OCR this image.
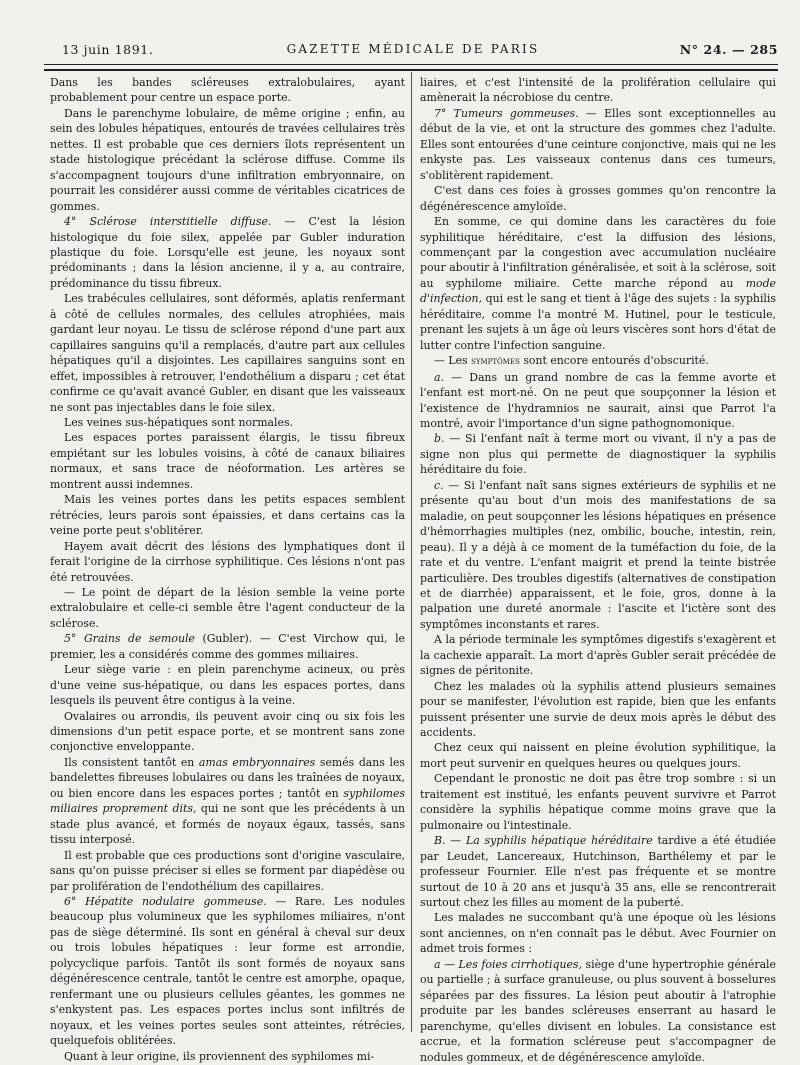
13 juin 1891.	GAZETTE MÉDICALE DE PARIS	N° 24. — 285

Dans les bandes scléreuses extralobulaires, ayant probablement pour centre un espace porte.

Dans le parenchyme lobulaire, de même origine ; enfin, au sein des lobules hépatiques, entourés de travées cellulaires très nettes. Il est probable que ces derniers îlots représentent un stade histologique précédant la sclérose diffuse. Comme ils s'accompagnent toujours d'une infiltration embryonnaire, on pourrait les considérer aussi comme de véritables cicatrices de gommes.

4° Sclérose interstitielle diffuse. — C'est la lésion histologique du foie silex, appelée par Gubler induration plastique du foie. Lorsqu'elle est jeune, les noyaux sont prédominants ; dans la lésion ancienne, il y a, au contraire, prédominance du tissu fibreux.

Les trabécules cellulaires, sont déformés, aplatis renfermant à côté de cellules normales, des cellules atrophiées, mais gardant leur noyau. Le tissu de sclérose répond d'une part aux capillaires sanguins qu'il a remplacés, d'autre part aux cellules hépatiques qu'il a disjointes. Les capillaires sanguins sont en effet, impossibles à retrouver, l'endothélium a disparu ; cet état confirme ce qu'avait avancé Gubler, en disant que les vaisseaux ne sont pas injectables dans le foie silex.

Les veines sus-hépatiques sont normales.

Les espaces portes paraissent élargis, le tissu fibreux empiétant sur les lobules voisins, à côté de canaux biliaires normaux, et sans trace de néoformation. Les artères se montrent aussi indemnes.

Mais les veines portes dans les petits espaces semblent rétrécies, leurs parois sont épaissies, et dans certains cas la veine porte peut s'oblitérer.

Hayem avait décrit des lésions des lymphatiques dont il ferait l'origine de la cirrhose syphilitique. Ces lésions n'ont pas été retrouvées.

— Le point de départ de la lésion semble la veine porte extralobulaire et celle-ci semble être l'agent conducteur de la sclérose.

5° Grains de semoule (Gubler). — C'est Virchow qui, le premier, les a considérés comme des gommes miliaires.

Leur siège varie : en plein parenchyme acineux, ou près d'une veine sus-hépatique, ou dans les espaces portes, dans lesquels ils peuvent être contigus à la veine.

Ovalaires ou arrondis, ils peuvent avoir cinq ou six fois les dimensions d'un petit espace porte, et se montrent sans zone conjonctive enveloppante.

Ils consistent tantôt en amas embryonnaires semés dans les bandelettes fibreuses lobulaires ou dans les traînées de noyaux, ou bien encore dans les espaces portes ; tantôt en syphilomes miliaires proprement dits, qui ne sont que les précédents à un stade plus avancé, et formés de noyaux égaux, tassés, sans tissu interposé.

Il est probable que ces productions sont d'origine vasculaire, sans qu'on puisse préciser si elles se forment par diapédèse ou par prolifération de l'endothélium des capillaires.

6° Hépatite nodulaire gommeuse. — Rare. Les nodules beaucoup plus volumineux que les syphilomes miliaires, n'ont pas de siège déterminé. Ils sont en général à cheval sur deux ou trois lobules hépatiques : leur forme est arrondie, polycyclique parfois. Tantôt ils sont formés de noyaux sans dégénérescence centrale, tantôt le centre est amorphe, opaque, renfermant une ou plusieurs cellules géantes, les gommes ne s'enkystent pas. Les espaces portes inclus sont infiltrés de noyaux, et les veines portes seules sont atteintes, rétrécies, quelquefois oblitérées.

Quant à leur origine, ils proviennent des syphilomes mi-

liaires, et c'est l'intensité de la prolifération cellulaire qui amènerait la nécrobiose du centre.

7° Tumeurs gommeuses. — Elles sont exceptionnelles au début de la vie, et ont la structure des gommes chez l'adulte. Elles sont entourées d'une ceinture conjonctive, mais qui ne les enkyste pas. Les vaisseaux contenus dans ces tumeurs, s'oblitèrent rapidement.

C'est dans ces foies à grosses gommes qu'on rencontre la dégénérescence amyloïde.

En somme, ce qui domine dans les caractères du foie syphilitique héréditaire, c'est la diffusion des lésions, commençant par la congestion avec accumulation nucléaire pour aboutir à l'infiltration généralisée, et soit à la sclérose, soit au syphilome miliaire. Cette marche répond au mode d'infection, qui est le sang et tient à l'âge des sujets : la syphilis héréditaire, comme l'a montré M. Hutinel, pour le testicule, prenant les sujets à un âge où leurs viscères sont hors d'état de lutter contre l'infection sanguine.

— Les symptômes sont encore entourés d'obscurité.

a. — Dans un grand nombre de cas la femme avorte et l'enfant est mort-né. On ne peut que soupçonner la lésion et l'existence de l'hydramnios ne saurait, ainsi que Parrot l'a montré, avoir l'importance d'un signe pathognomonique.

b. — Si l'enfant naît à terme mort ou vivant, il n'y a pas de signe non plus qui permette de diagnostiquer la syphilis héréditaire du foie.

c. — Si l'enfant naît sans signes extérieurs de syphilis et ne présente qu'au bout d'un mois des manifestations de sa maladie, on peut soupçonner les lésions hépatiques en présence d'hémorrhagies multiples (nez, ombilic, bouche, intestin, rein, peau). Il y a déjà à ce moment de la tuméfaction du foie, de la rate et du ventre. L'enfant maigrit et prend la teinte bistrée particulière. Des troubles digestifs (alternatives de constipation et de diarrhée) apparaissent, et le foie, gros, donne à la palpation une dureté anormale : l'ascite et l'ictère sont des symptômes inconstants et rares.

A la période terminale les symptômes digestifs s'exagèrent et la cachexie apparaît. La mort d'après Gubler serait précédée de signes de péritonite.

Chez les malades où la syphilis attend plusieurs semaines pour se manifester, l'évolution est rapide, bien que les enfants puissent présenter une survie de deux mois après le début des accidents.

Chez ceux qui naissent en pleine évolution syphilitique, la mort peut survenir en quelques heures ou quelques jours.

Cependant le pronostic ne doit pas être trop sombre : si un traitement est institué, les enfants peuvent survivre et Parrot considère la syphilis hépatique comme moins grave que la pulmonaire ou l'intestinale.

B. — La syphilis hépatique héréditaire tardive a été étudiée par Leudet, Lancereaux, Hutchinson, Barthélemy et par le professeur Fournier. Elle n'est pas fréquente et se montre surtout de 10 à 20 ans et jusqu'à 35 ans, elle se rencontrerait surtout chez les filles au moment de la puberté.

Les malades ne succombant qu'à une époque où les lésions sont anciennes, on n'en connaît pas le début. Avec Fournier on admet trois formes :

a — Les foies cirrhotiques, siège d'une hypertrophie générale ou partielle ; à surface granuleuse, ou plus souvent à bosselures séparées par des fissures. La lésion peut aboutir à l'atrophie produite par les bandes scléreuses enserrant au hasard le parenchyme, qu'elles divisent en lobules. La consistance est accrue, et la formation scléreuse peut s'accompagner de nodules gommeux, et de dégénérescence amyloïde.
